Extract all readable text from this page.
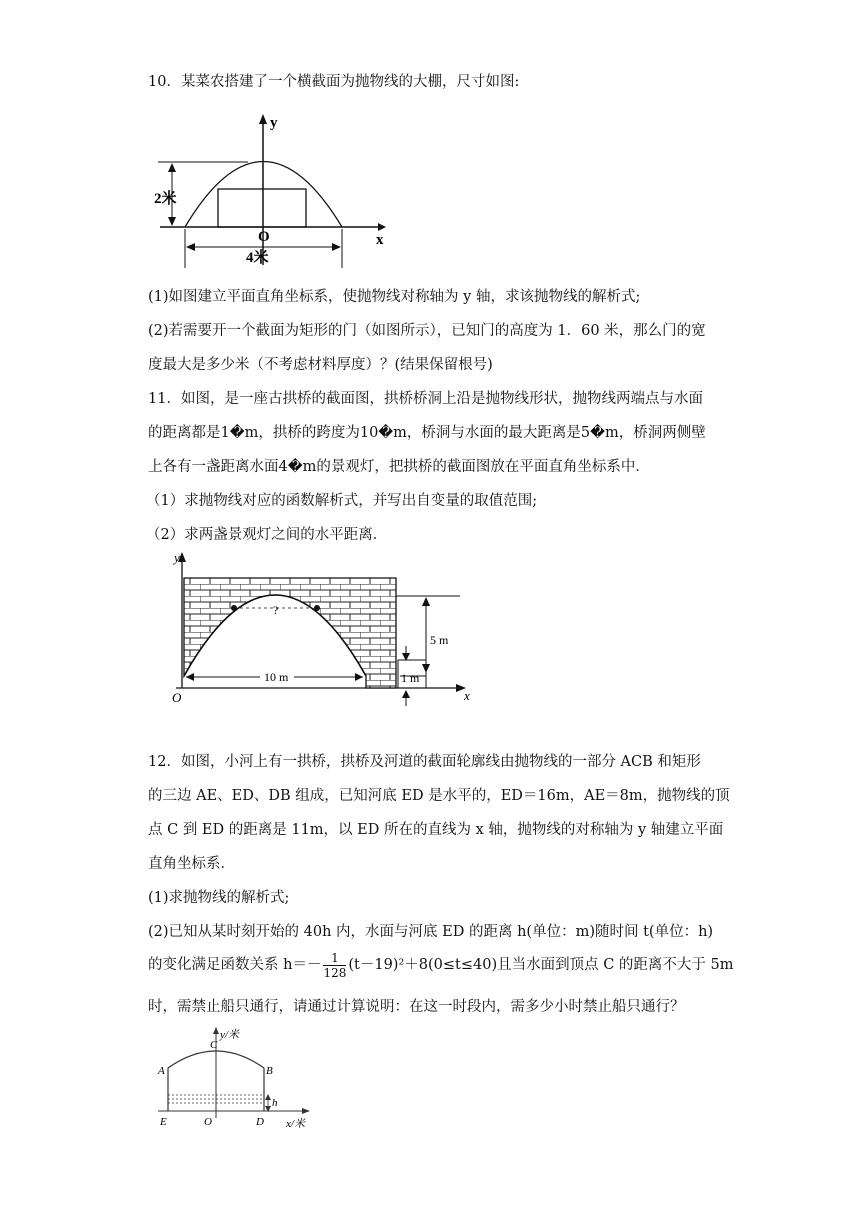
10．某菜农搭建了一个横截面为抛物线的大棚，尺寸如图:
y
x
O
2米
4米
(1)如图建立平面直角坐标系，使抛物线对称轴为 y 轴，求该抛物线的解析式;
(2)若需要开一个截面为矩形的门（如图所示），已知门的高度为 1．60 米，那么门的宽
度最大是多少米（不考虑材料厚度）？(结果保留根号)
11．如图，是一座古拱桥的截面图，拱桥桥洞上沿是抛物线形状，抛物线两端点与水面
的距离都是1�m，拱桥的跨度为10�m，桥洞与水面的最大距离是5�m，桥洞两侧壁
上各有一盏距离水面4�m的景观灯，把拱桥的截面图放在平面直角坐标系中．
（1）求抛物线对应的函数解析式，并写出自变量的取值范围;
（2）求两盏景观灯之间的水平距离．
y
x
O
?
10 m
5 m
1 m
12．如图，小河上有一拱桥，拱桥及河道的截面轮廓线由抛物线的一部分 ACB 和矩形
的三边 AE、ED、DB 组成，已知河底 ED 是水平的，ED＝16m，AE＝8m，抛物线的顶
点 C 到 ED 的距离是 11m，以 ED 所在的直线为 x 轴，抛物线的对称轴为 y 轴建立平面
直角坐标系．
(1)求抛物线的解析式;
(2)已知从某时刻开始的 40h 内，水面与河底 ED 的距离 h(单位：m)随时间 t(单位：h)
的变化满足函数关系 $h=- \frac{1}{128} (t-19)^2+8(0\le t\le 40)$且当水面到顶点 C 的距离不大于 5m
时，需禁止船只通行，请通过计算说明：在这一时段内，需多少小时禁止船只通行？
y/米
C
A	B
h
E	O	D x/米
